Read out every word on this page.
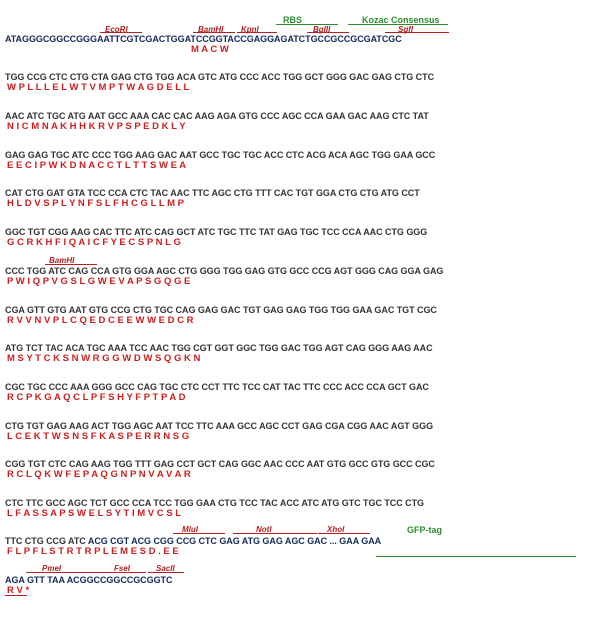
EcoRI	BamHI KpnI
RBS	Kozac Consensus
BglII	SgfI

ATAGGGCGGCCGGGAATTCGTCGACTGGATCCGGTACCGAGGAGATCTGCCGCCGCGATCGC

M A C W

TGG CCG CTC CTG CTA GAG CTG TGG ACA GTC ATG CCC ACC TGG GCT GGG GAC GAG CTG CTC

W P L L L E L W T V M P T W A G D E L L

AAC ATC TGC ATG AAT GCC AAA CAC CAC AAG AGA GTG CCC AGC CCA GAA GAC AAG CTC TAT

N I C M N A K H H K R V P S P E D K L Y

GAG GAG TGC ATC CCC TGG AAG GAC AAT GCC TGC TGC ACC CTC ACG ACA AGC TGG GAA GCC

E E C I P W K D N A C C T L T T S W E A

CAT CTG GAT GTA TCC CCA CTC TAC AAC TTC AGC CTG TTT CAC TGT GGA CTG CTG ATG CCT

H L D V S P L Y N F S L F H C G L L M P

GGC TGT CGG AAG CAC TTC ATC CAG GCT ATC TGC TTC TAT GAG TGC TCC CCA AAC CTG GGG

G C R K H F I Q A I C F Y E C S P N L G

BamHI

CCC TGG ATC CAG CCA GTG GGA AGC CTG GGG TGG GAG GTG GCC CCG AGT GGG CAG GGA GAG

P W I Q P V G S L G W E V A P S G Q G E

CGA GTT GTG AAT GTG CCG CTG TGC CAG GAG GAC TGT GAG GAG TGG TGG GAA GAC TGT CGC

R V V N V P L C Q E D C E E W W E D C R

ATG TCT TAC ACA TGC AAA TCC AAC TGG CGT GGT GGC TGG GAC TGG AGT CAG GGG AAG AAC

M S Y T C K S N W R G G W D W S Q G K N

CGC TGC CCC AAA GGG GCC CAG TGC CTC CCT TTC TCC CAT TAC TTC CCC ACC CCA GCT GAC

R C P K G A Q C L P F S H Y F P T P A D

CTG TGT GAG AAG ACT TGG AGC AAT TCC TTC AAA GCC AGC CCT GAG CGA CGG AAC AGT GGG

L C E K T W S N S F K A S P E R R N S G

CGG TGT CTC CAG AAG TGG TTT GAG CCT GCT CAG GGC AAC CCC AAT GTG GCC GTG GCC CGC

R C L Q K W F E P A Q G N P N V A V A R

CTC TTC GCC AGC TCT GCC CCA TCC TGG GAA CTG TCC TAC ACC ATC ATG GTC TGC TCC CTG

L F A S S A P S W E L S Y T I M V C S L

MluI	NotI	XhoI	GFP-tag

TTC CTG CCG ATC ACG CGT ACG CGG CCG CTC GAG ATG GAG AGC GAC ... GAA GAA

F L P F L S T R T R P L E M E S D . E E

PmeI	FseI	SacII

AGA GTT TAA ACGGCCGGCCGCGGTC

R V *
